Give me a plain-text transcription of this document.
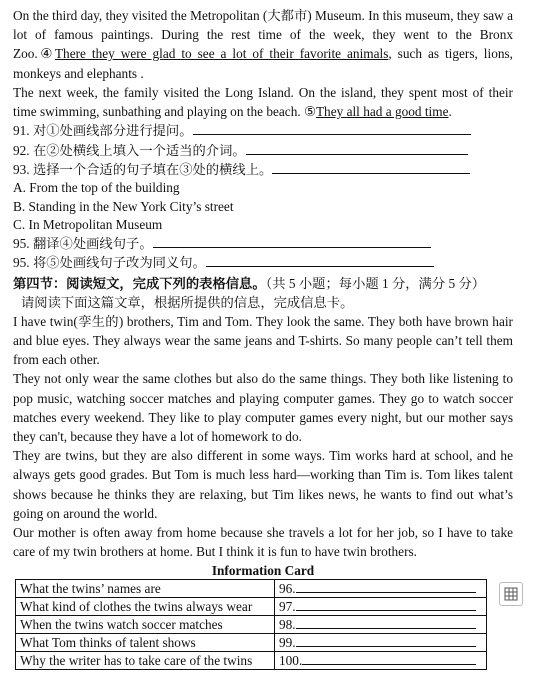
On the third day, they visited the Metropolitan (大都市) Museum. In this museum, they saw a lot of famous paintings. During the rest time of the week, they went to the Bronx Zoo.④There they were glad to see a lot of their favorite animals, such as tigers, lions, monkeys and elephants .

The next week, the family visited the Long Island. On the island, they spent most of their time swimming, sunbathing and playing on the beach. ⑤They all had a good time.

91. 对①处画线部分进行提问。

92. 在②处横线上填入一个适当的介词。

93. 选择一个合适的句子填在③处的横线上。

A. From the top of the building

B. Standing in the New York City’s street

C. In Metropolitan Museum

95. 翻译④处画线句子。

95. 将⑤处画线句子改为同义句。

第四节：阅读短文，完成下列的表格信息。（共 5 小题；每小题 1 分，满分 5 分）

请阅读下面这篇文章，根据所提供的信息，完成信息卡。

I have twin(孪生的) brothers, Tim and Tom. They look the same. They both have brown hair and blue eyes. They always wear the same jeans and T-shirts. So many people can’t tell them from each other.

They not only wear the same clothes but also do the same things. They both like listening to pop music, watching soccer matches and playing computer games. They go to watch soccer matches every weekend. They like to play computer games every night, but our mother says they can't, because they have a lot of homework to do.

They are twins, but they are also different in some ways. Tim works hard at school, and he always gets good grades. But Tom is much less hard—working than Tim is. Tom likes talent shows because he thinks they are relaxing, but Tim likes news, he wants to find out what’s going on around the world.

Our mother is often away from home because she travels a lot for her job, so I have to take care of my twin brothers at home. But I think it is fun to have twin brothers.

Information Card

What the twins’ names are	96.
What kind of clothes the twins always wear	97.
When the twins watch soccer matches	98.
What Tom thinks of talent shows	99.
Why the writer has to take care of the twins	100.
